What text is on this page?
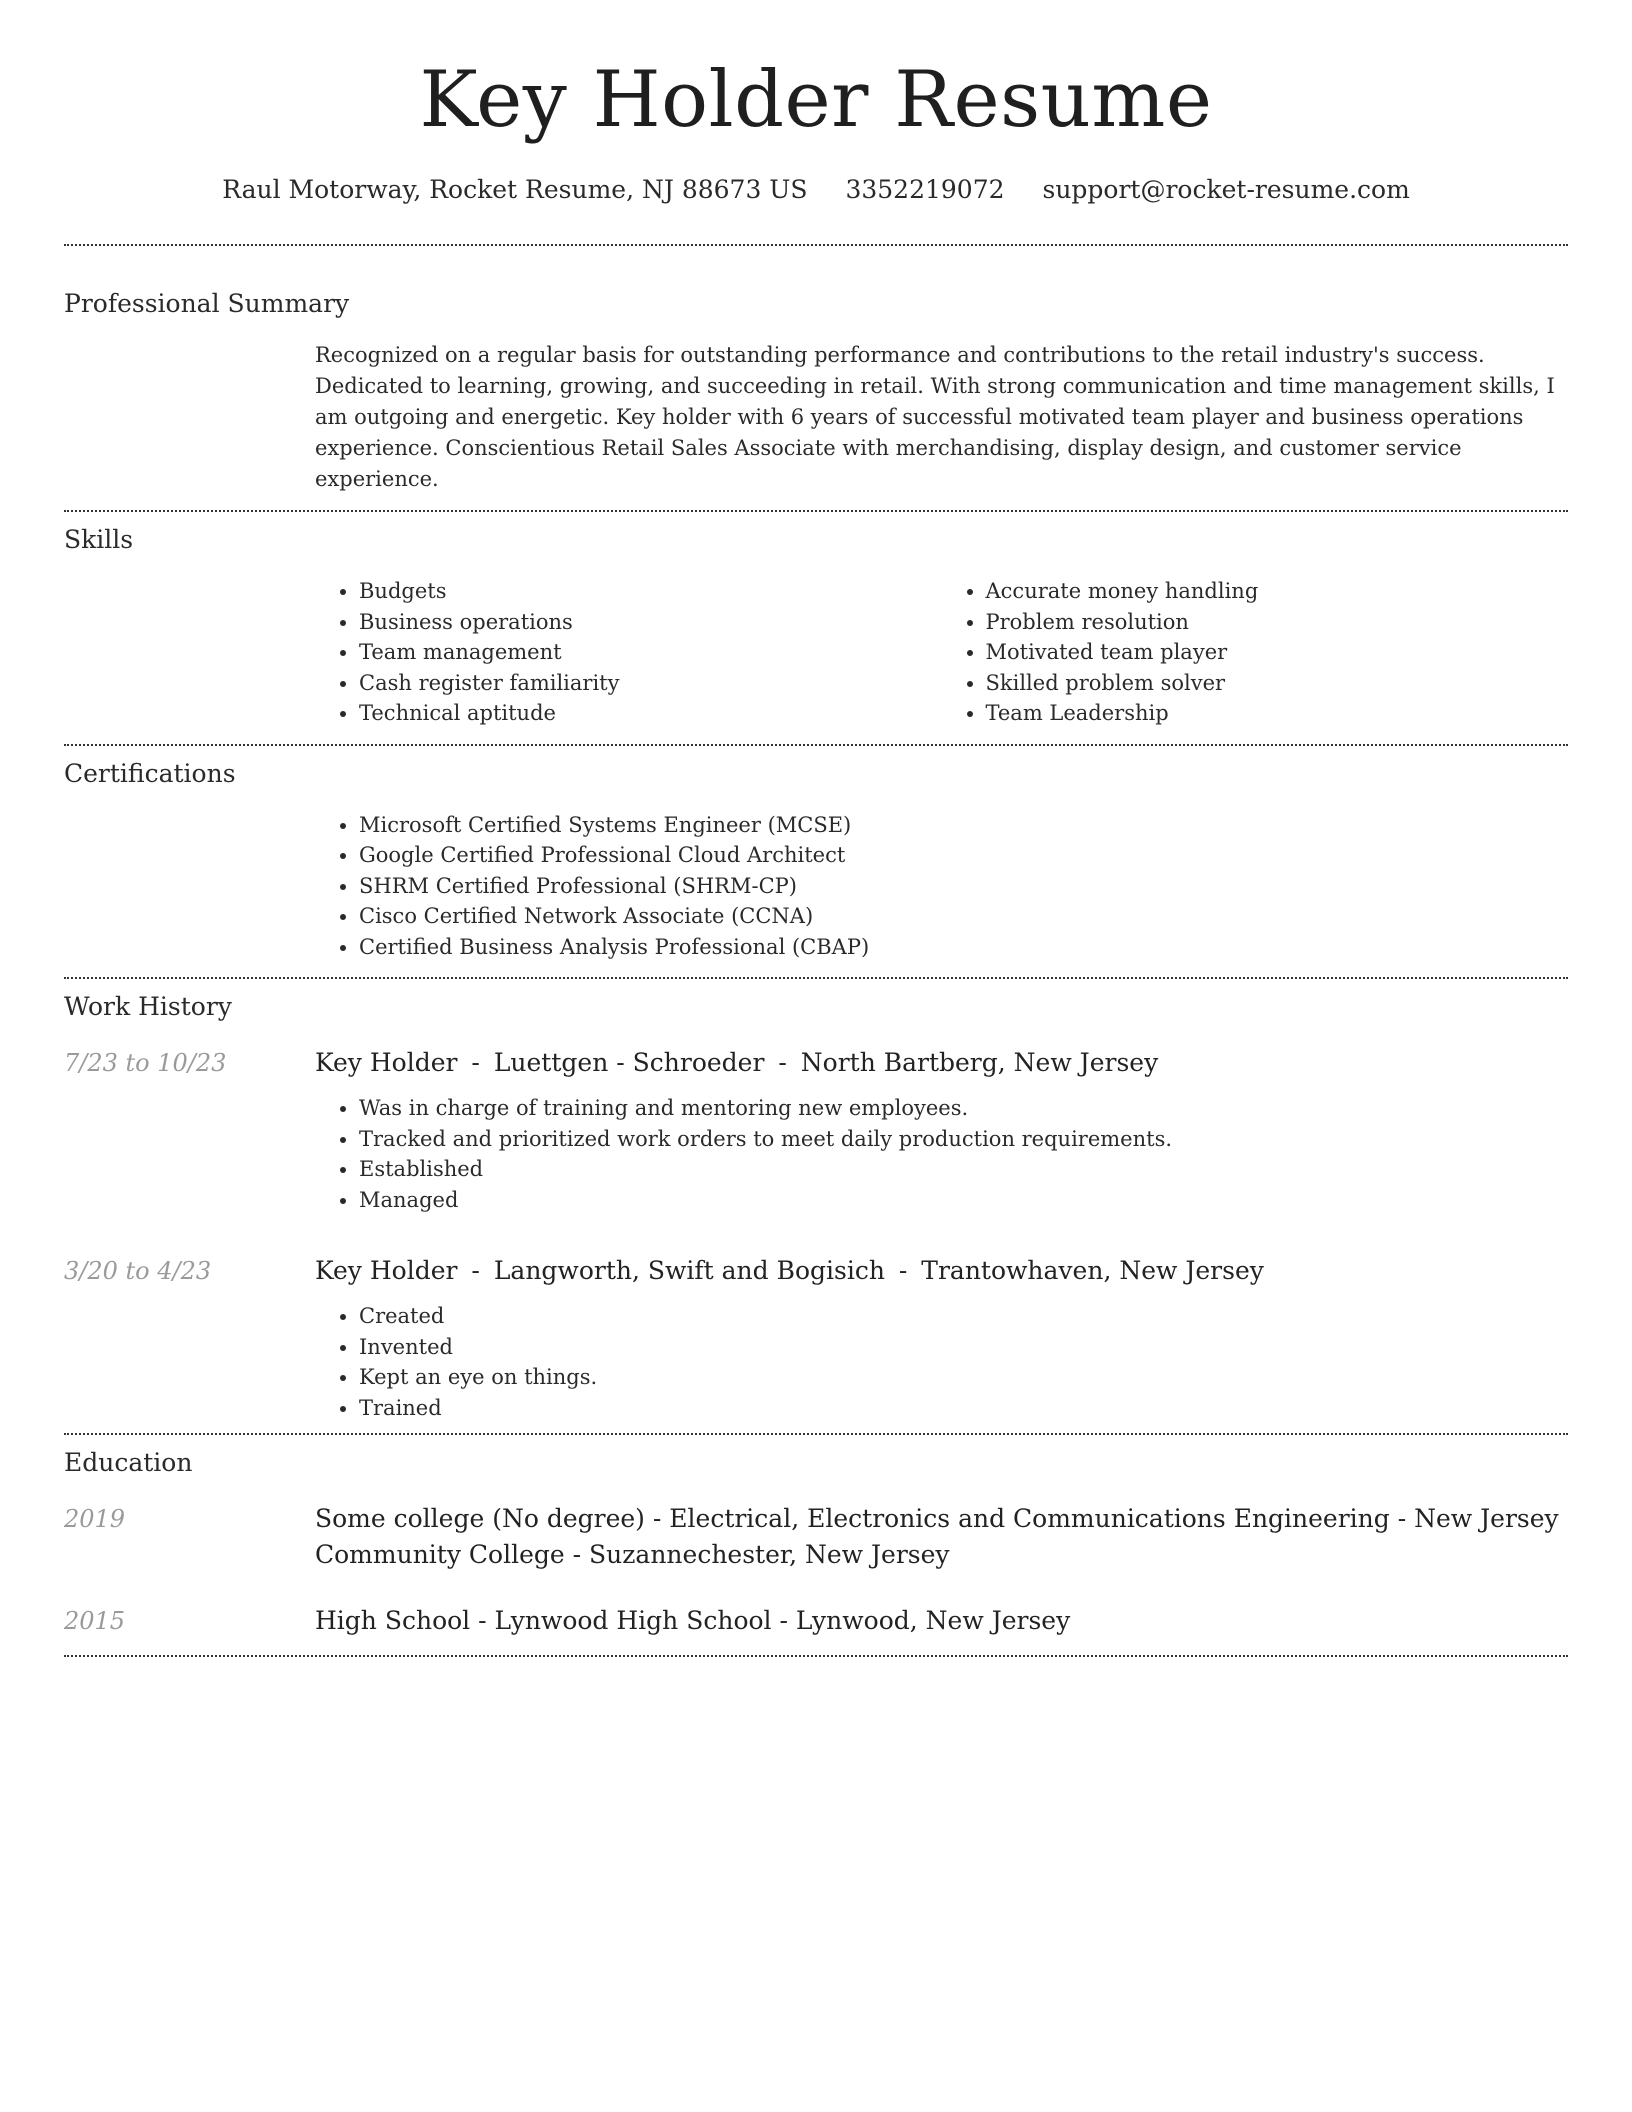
Key Holder Resume
Raul Motorway, Rocket Resume, NJ 88673 US 3352219072 support@rocket-resume.com
Professional Summary

Recognized on a regular basis for outstanding performance and contributions to the retail industry's success. Dedicated to learning, growing, and succeeding in retail. With strong communication and time management skills, I am outgoing and energetic. Key holder with 6 years of successful motivated team player and business operations experience. Conscientious Retail Sales Associate with merchandising, display design, and customer service experience.

Skills
• Budgets
• Business operations
• Team management
• Cash register familiarity
• Technical aptitude
• Accurate money handling
• Problem resolution
• Motivated team player
• Skilled problem solver
• Team Leadership
Certifications
• Microsoft Certified Systems Engineer (MCSE)
• Google Certified Professional Cloud Architect
• SHRM Certified Professional (SHRM-CP)
• Cisco Certified Network Associate (CCNA)
• Certified Business Analysis Professional (CBAP)
Work History
7/23 to 10/23	Key Holder - Luettgen - Schroeder - North Bartberg, New Jersey
• Was in charge of training and mentoring new employees.
• Tracked and prioritized work orders to meet daily production requirements.
• Established
• Managed
3/20 to 4/23	Key Holder - Langworth, Swift and Bogisich - Trantowhaven, New Jersey
• Created
• Invented
• Kept an eye on things.
• Trained
Education
2019	Some college (No degree) - Electrical, Electronics and Communications Engineering - New Jersey Community College - Suzannechester, New Jersey
2015	High School - Lynwood High School - Lynwood, New Jersey
